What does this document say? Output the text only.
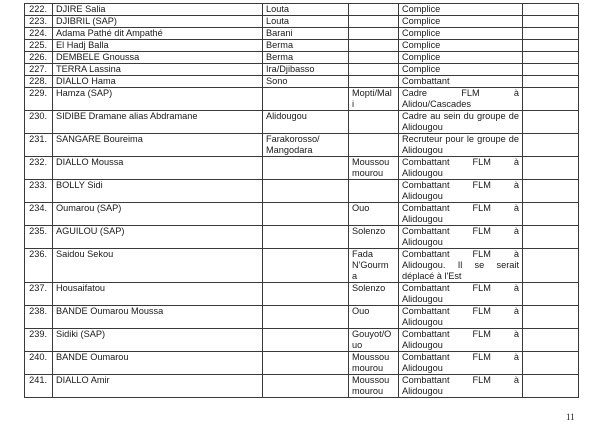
222.	DJIRE Salia	Louta		Complice	
223.	DJIBRIL (SAP)	Louta		Complice	
224.	Adama Pathé dit Ampathé	Barani		Complice	
225.	El Hadj Balla	Berma		Complice	
226.	DEMBELE Gnoussa	Berma		Complice	
227.	TERRA Lassina	Ira/Djibasso		Complice	
228.	DIALLO Hama	Sono		Combattant	
229.	Hamza (SAP)		Mopti/Mal i	Cadre FLM à Alidou/Cascades	
230.	SIDIBE Dramane alias Abdramane	Alidougou		Cadre au sein du groupe de Alidougou	
231.	SANGARE Boureima	Farakorosso/ Mangodara		Recruteur pour le groupe de Alidougou	
232.	DIALLO Moussa		Moussou mourou	Combattant FLM à Alidougou	
233.	BOLLY Sidi			Combattant FLM à Alidougou	
234.	Oumarou (SAP)		Ouo	Combattant FLM à Alidougou	
235.	AGUILOU (SAP)		Solenzo	Combattant FLM à Alidougou	
236.	Saidou Sekou		Fada N'Gourm a	Combattant FLM à Alidougou. Il se serait déplacé à l'Est	
237.	Housaifatou		Solenzo	Combattant FLM à Alidougou	
238.	BANDE Oumarou Moussa		Ouo	Combattant FLM à Alidougou	
239.	Sidiki (SAP)		Gouyot/O uo	Combattant FLM à Alidougou	
240.	BANDE Oumarou		Moussou mourou	Combattant FLM à Alidougou	
241.	DIALLO Amir		Moussou mourou	Combattant FLM à Alidougou	
11
